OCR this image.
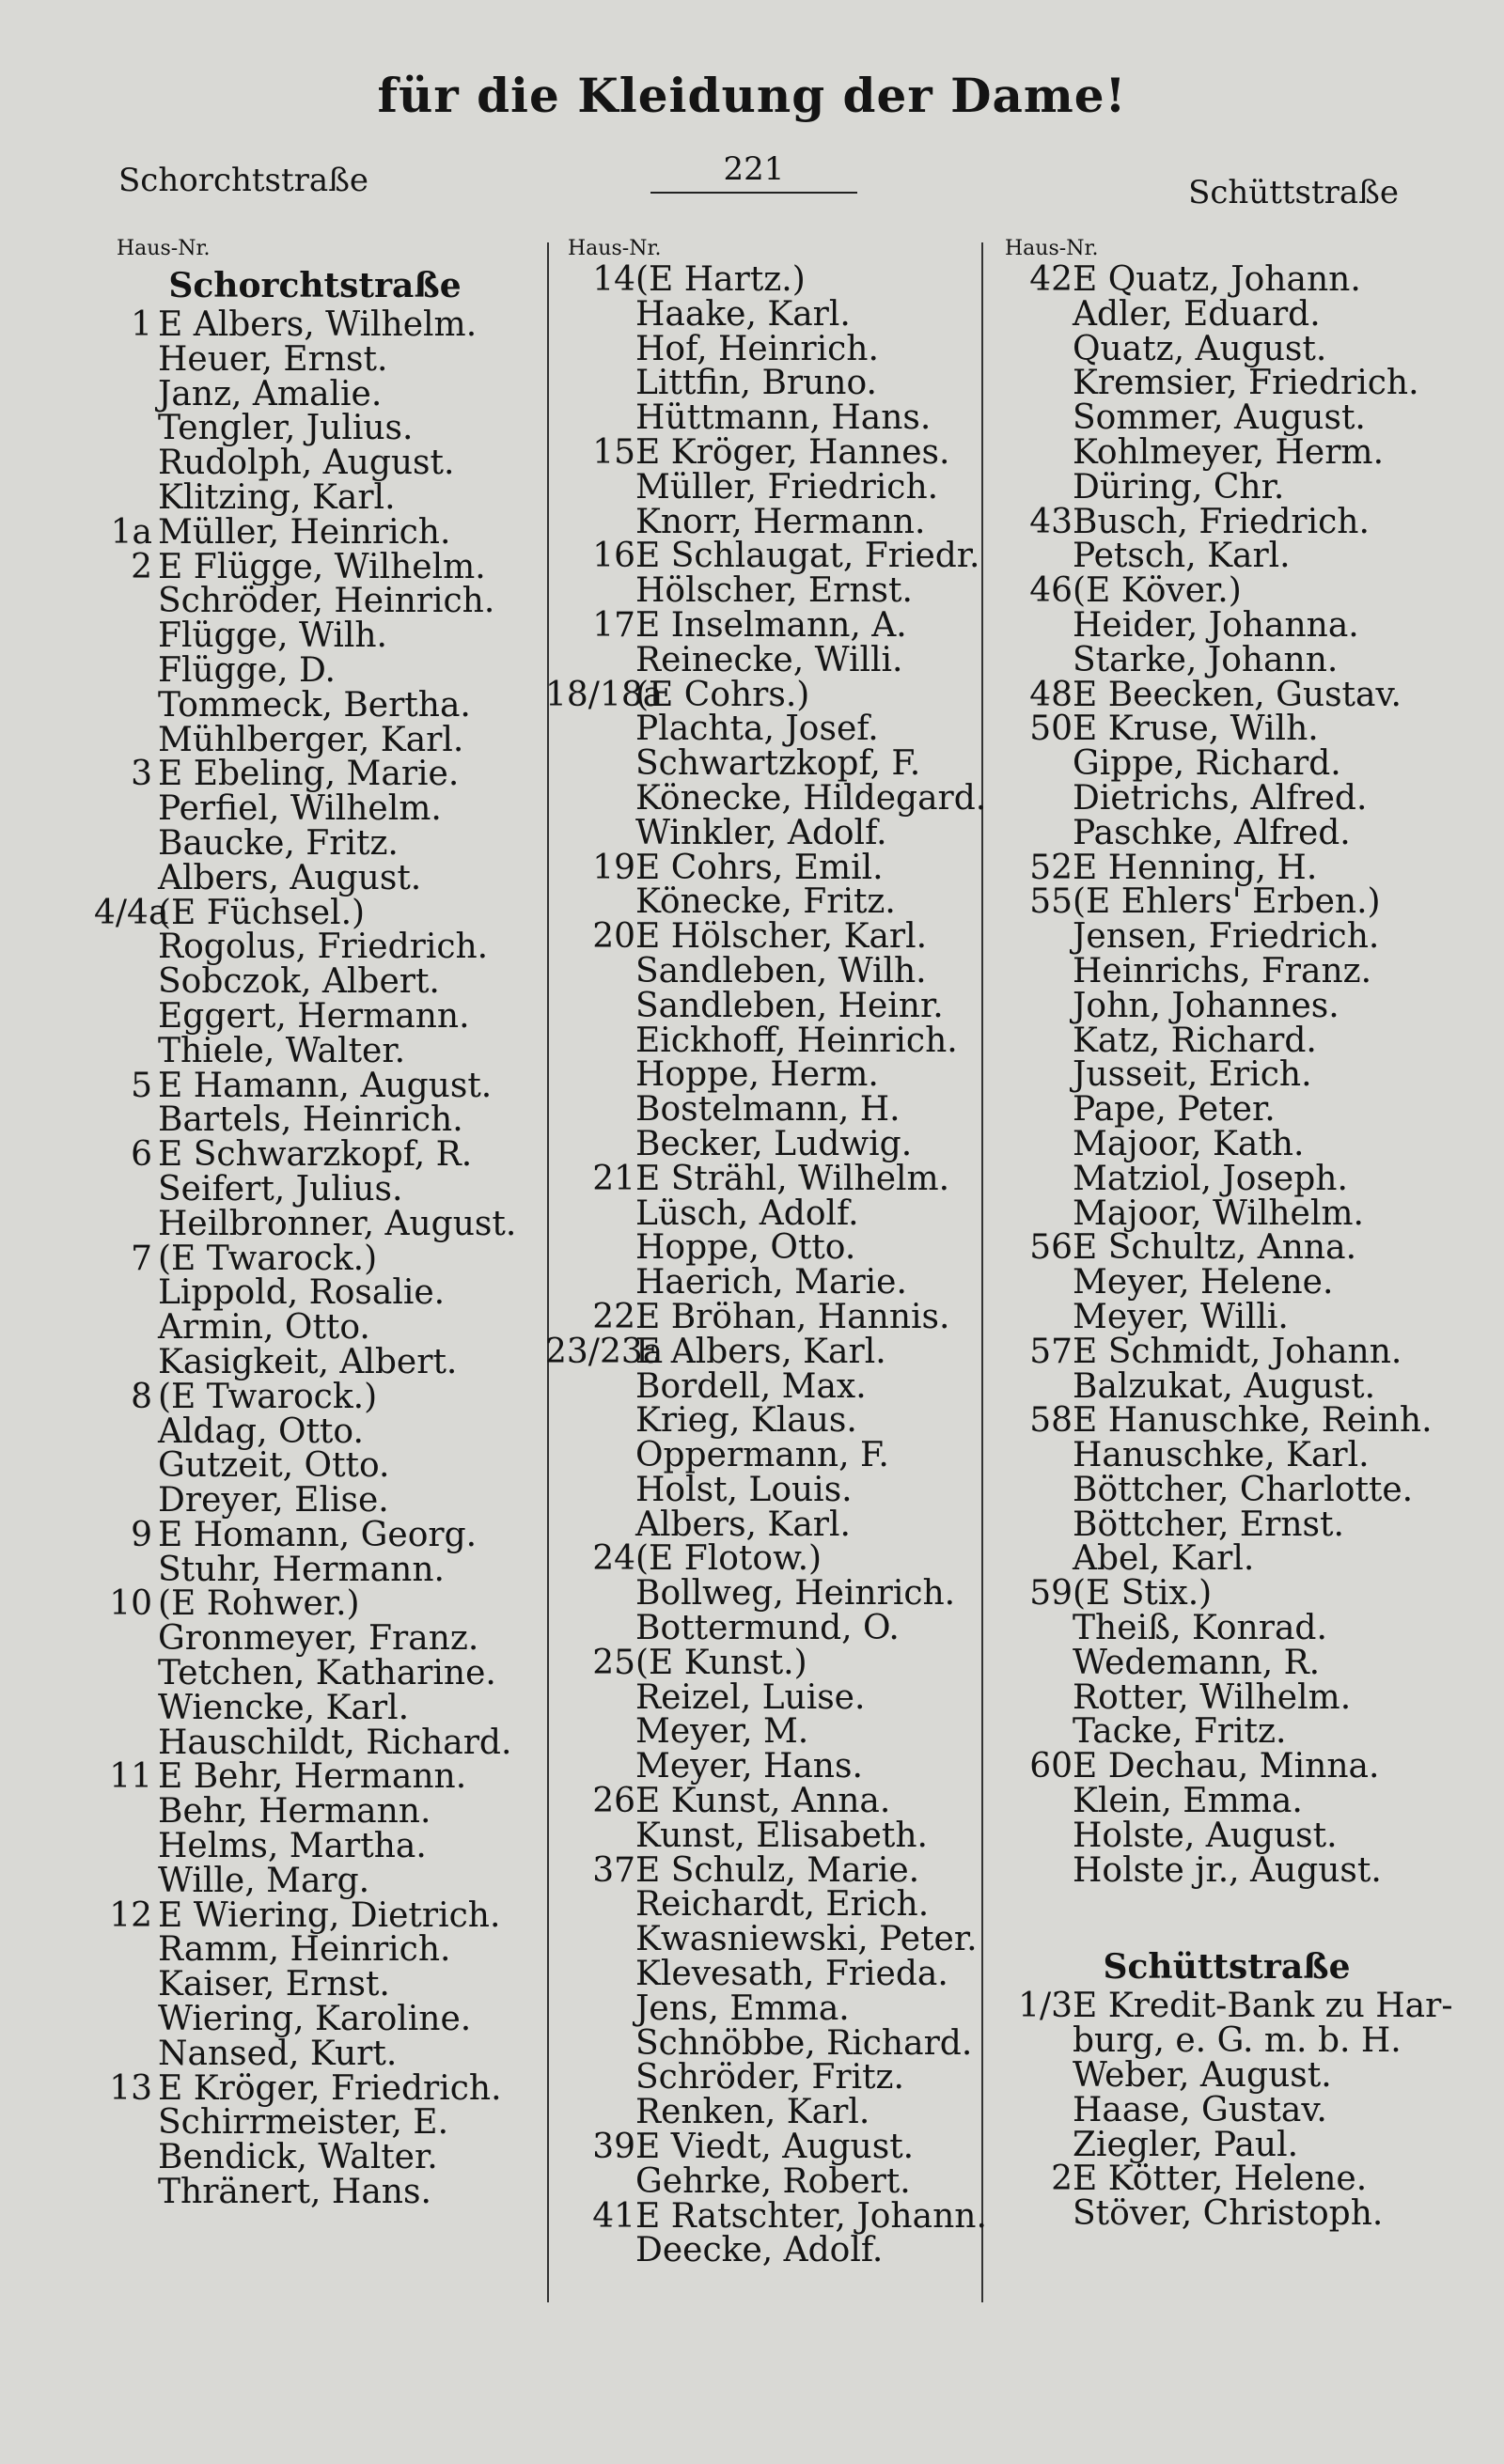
für die Kleidung der Dame!
Schorchtstraße	221
Schüttstraße
Haus-Nr.
Schorchtstraße
1 E Albers, Wilhelm.
Heuer, Ernst.
Janz, Amalie.
Tengler, Julius.
Rudolph, August.
Klitzing, Karl.
1a Müller, Heinrich.
2 E Flügge, Wilhelm.
Schröder, Heinrich.
Flügge, Wilh.
Flügge, D.
Tommeck, Bertha.
Mühlberger, Karl.
3 E Ebeling, Marie.
Perfiel, Wilhelm.
Baucke, Fritz.
Albers, August.
4/4a
(E Füchsel.)
Rogolus, Friedrich.
Sobczok, Albert.
Eggert, Hermann.
Thiele, Walter.
5 E Hamann, August.
Bartels, Heinrich.
6 E Schwarzkopf, R.
Seifert, Julius.
Heilbronner, August.
7 (E Twarock.)
Lippold, Rosalie.
Armin, Otto.
Kasigkeit, Albert.
8 (E Twarock.)
Aldag, Otto.
Gutzeit, Otto.
Dreyer, Elise.
9 E Homann, Georg.
Stuhr, Hermann.
10 (E Rohwer.)
Gronmeyer, Franz.
Tetchen, Katharine.
Wiencke, Karl.
Hauschildt, Richard.
11 E Behr, Hermann.
Behr, Hermann.
Helms, Martha.
Wille, Marg.
12 E Wiering, Dietrich.
Ramm, Heinrich.
Kaiser, Ernst.
Wiering, Karoline.
Nansed, Kurt.
13 E Kröger, Friedrich.
Schirrmeister, E.
Bendick, Walter.
Thränert, Hans.
Haus-Nr.
14 (E Hartz.)
Haake, Karl.
Hof, Heinrich.
Littfin, Bruno.
Hüttmann, Hans.
15 E Kröger, Hannes.
Müller, Friedrich.
Knorr, Hermann.
16 E Schlaugat, Friedr.
Hölscher, Ernst.
17 E Inselmann, A.
Reinecke, Willi.
18/18a
(E Cohrs.)
Plachta, Josef.
Schwartzkopf, F.
Könecke, Hildegard.
Winkler, Adolf.
19 E Cohrs, Emil.
Könecke, Fritz.
20 E Hölscher, Karl.
Sandleben, Wilh.
Sandleben, Heinr.
Eickhoff, Heinrich.
Hoppe, Herm.
Bostelmann, H.
Becker, Ludwig.
21 E Strähl, Wilhelm.
Lüsch, Adolf.
Hoppe, Otto.
Haerich, Marie.
22 E Bröhan, Hannis.
23/23a
E Albers, Karl.
Bordell, Max.
Krieg, Klaus.
Oppermann, F.
Holst, Louis.
Albers, Karl.
24 (E Flotow.)
Bollweg, Heinrich.
Bottermund, O.
25 (E Kunst.)
Reizel, Luise.
Meyer, M.
Meyer, Hans.
26 E Kunst, Anna.
Kunst, Elisabeth.
37 E Schulz, Marie.
Reichardt, Erich.
Kwasniewski, Peter.
Klevesath, Frieda.
Jens, Emma.
Schnöbbe, Richard.
Schröder, Fritz.
Renken, Karl.
39 E Viedt, August.
Gehrke, Robert.
41 E Ratschter, Johann.
Deecke, Adolf.
Haus-Nr.
42 E Quatz, Johann.
Adler, Eduard.
Quatz, August.
Kremsier, Friedrich.
Sommer, August.
Kohlmeyer, Herm.
Düring, Chr.
43 Busch, Friedrich.
Petsch, Karl.
46 (E Köver.)
Heider, Johanna.
Starke, Johann.
48 E Beecken, Gustav.
50 E Kruse, Wilh.
Gippe, Richard.
Dietrichs, Alfred.
Paschke, Alfred.
52 E Henning, H.
55 (E Ehlers' Erben.)
Jensen, Friedrich.
Heinrichs, Franz.
John, Johannes.
Katz, Richard.
Jusseit, Erich.
Pape, Peter.
Majoor, Kath.
Matziol, Joseph.
Majoor, Wilhelm.
56 E Schultz, Anna.
Meyer, Helene.
Meyer, Willi.
57 E Schmidt, Johann.
Balzukat, August.
58 E Hanuschke, Reinh.
Hanuschke, Karl.
Böttcher, Charlotte.
Böttcher, Ernst.
Abel, Karl.
59 (E Stix.)
Theiß, Konrad.
Wedemann, R.
Rotter, Wilhelm.
Tacke, Fritz.
60 E Dechau, Minna.
Klein, Emma.
Holste, August.
Holste jr., August.
Schüttstraße
1/3 E Kredit-Bank zu Har-
burg, e. G. m. b. H.
Weber, August.
Haase, Gustav.
Ziegler, Paul.
2 E Kötter, Helene.
Stöver, Christoph.
